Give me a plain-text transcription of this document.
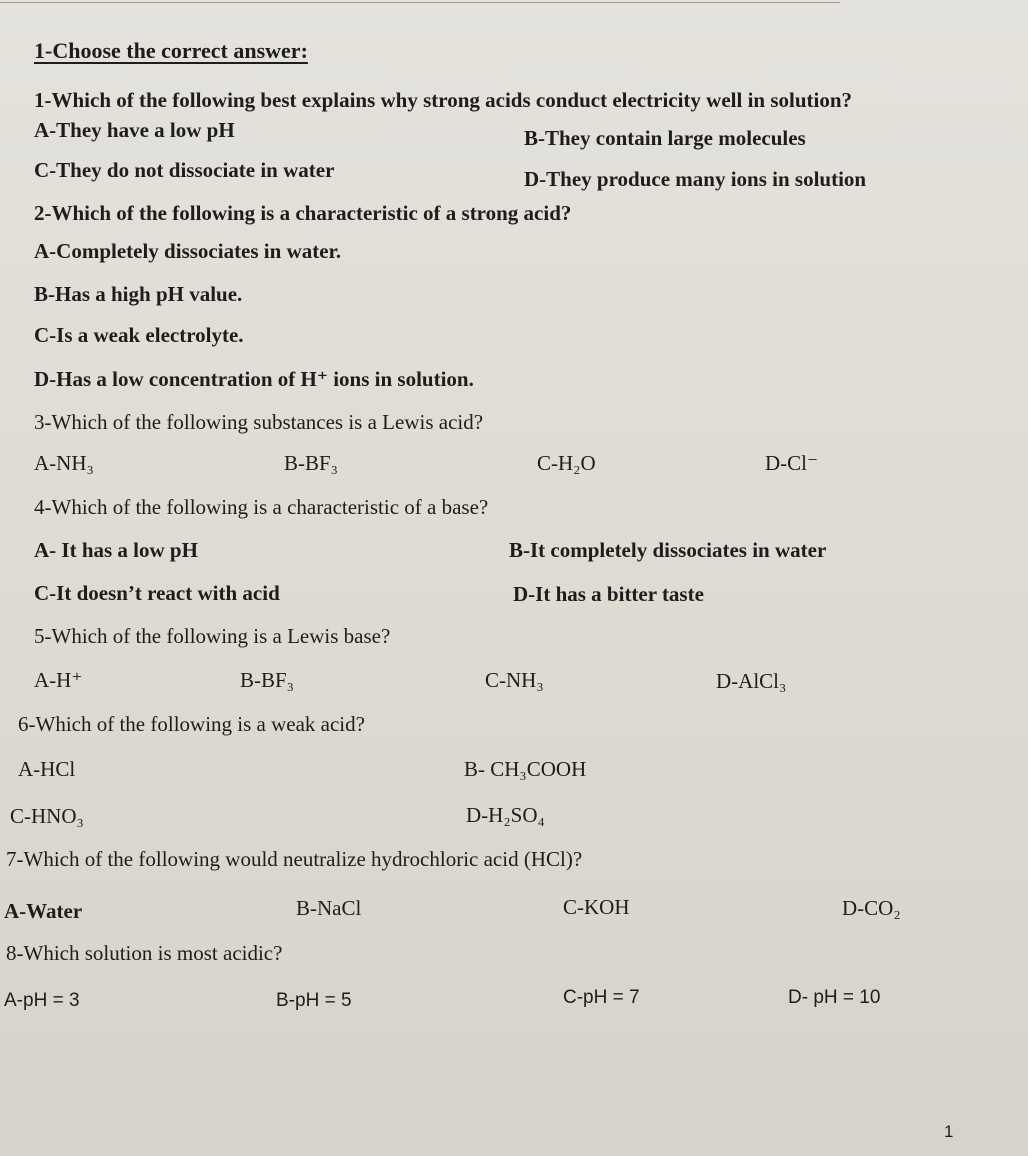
1-Choose the correct answer:
1-Which of the following best explains why strong acids conduct electricity well in solution?
A-They have a low pH	B-They contain large molecules
C-They do not dissociate in water	D-They produce many ions in solution
2-Which of the following is a characteristic of a strong acid?
A-Completely dissociates in water.
B-Has a high pH value.
C-Is a weak electrolyte.
D-Has a low concentration of H⁺ ions in solution.
3-Which of the following substances is a Lewis acid?
A-NH₃	B-BF₃	C-H₂O	D-Cl⁻
4-Which of the following is a characteristic of a base?
A- It has a low pH	B-It completely dissociates in water
C-It doesn’t react with acid	D-It has a bitter taste
5-Which of the following is a Lewis base?
A-H⁺	B-BF₃	C-NH₃	D-AlCl₃
6-Which of the following is a weak acid?
A-HCl	B- CH₃COOH
C-HNO₃	D-H₂SO₄
7-Which of the following would neutralize hydrochloric acid (HCl)?
A-Water	B-NaCl	C-KOH	D-CO₂
8-Which solution is most acidic?
A-pH = 3	B-pH = 5	C-pH = 7	D- pH = 10
1
